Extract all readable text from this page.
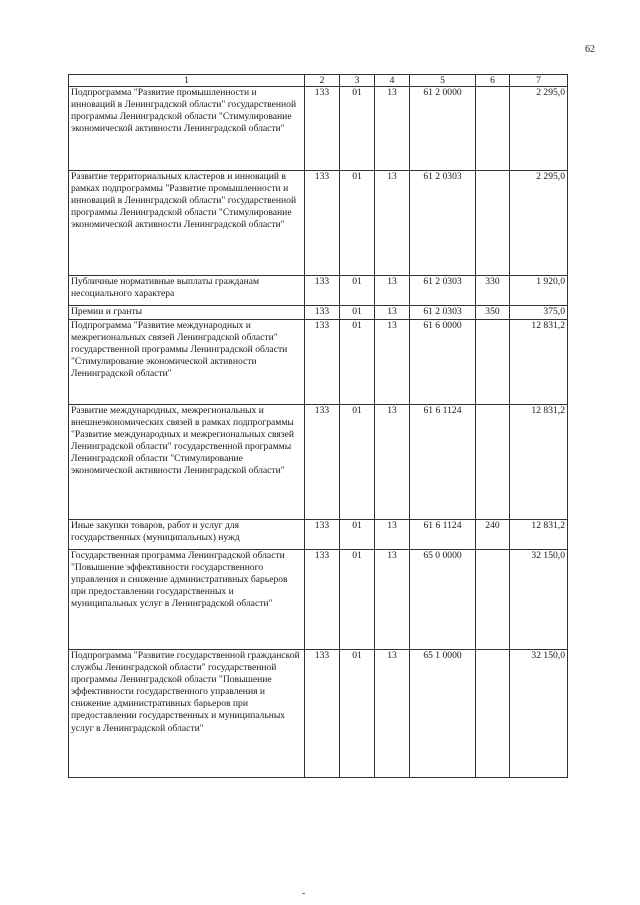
62
1	2	3	4	5	6	7
Подпрограмма "Развитие промышленности и инноваций в Ленинградской области" государственной программы Ленинградской области "Стимулирование экономической активности Ленинградской области"	133	01	13	61 2 0000		2 295,0
Развитие территориальных кластеров и инноваций в рамках подпрограммы "Развитие промышленности и инноваций в Ленинградской области" государственной программы Ленинградской области "Стимулирование экономической активности Ленинградской области"	133	01	13	61 2 0303		2 295,0
Публичные нормативные выплаты гражданам несоциального характера	133	01	13	61 2 0303	330	1 920,0
Премии и гранты	133	01	13	61 2 0303	350	375,0
Подпрограмма "Развитие международных и межрегиональных связей Ленинградской области" государственной программы Ленинградской области "Стимулирование экономической активности Ленинградской области"	133	01	13	61 6 0000		12 831,2
Развитие международных, межрегиональных и внешнеэкономических связей в рамках подпрограммы "Развитие международных и межрегиональных связей Ленинградской области" государственной программы Ленинградской области "Стимулирование экономической активности Ленинградской области"	133	01	13	61 6 1124		12 831,2
Иные закупки товаров, работ и услуг для государственных (муниципальных) нужд	133	01	13	61 6 1124	240	12 831,2
Государственная программа Ленинградской области "Повышение эффективности государственного управления и снижение административных барьеров при предоставлении государственных и муниципальных услуг в Ленинградской области"	133	01	13	65 0 0000		32 150,0
Подпрограмма "Развитие государственной гражданской службы Ленинградской области" государственной программы Ленинградской области "Повышение эффективности государственного управления и снижение административных барьеров при предоставлении государственных и муниципальных услуг в Ленинградской области"	133	01	13	65 1 0000		32 150,0
